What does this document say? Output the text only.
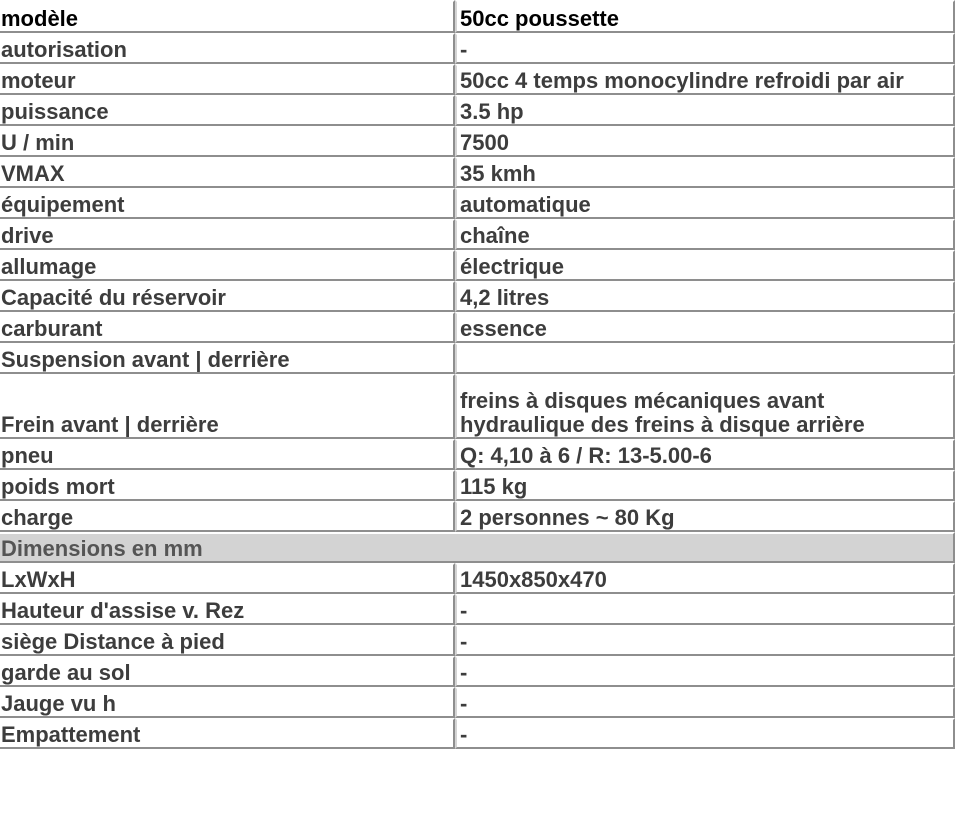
modèle	50cc poussette
autorisation	-
moteur	50cc 4 temps monocylindre refroidi par air
puissance	3.5 hp
U / min	7500
VMAX	35 kmh
équipement	automatique
drive	chaîne
allumage	électrique
Capacité du réservoir	4,2 litres
carburant	essence
Suspension avant | derrière	
Frein avant | derrière	freins à disques mécaniques avant
hydraulique des freins à disque arrière

pneu	Q: 4,10 à 6 / R: 13-5.00-6
poids mort	115 kg
charge	2 personnes ~ 80 Kg
Dimensions en mm	
LxWxH	1450x850x470
Hauteur d'assise v. Rez	-
siège Distance à pied	-
garde au sol	-
Jauge vu h	-
Empattement	-
